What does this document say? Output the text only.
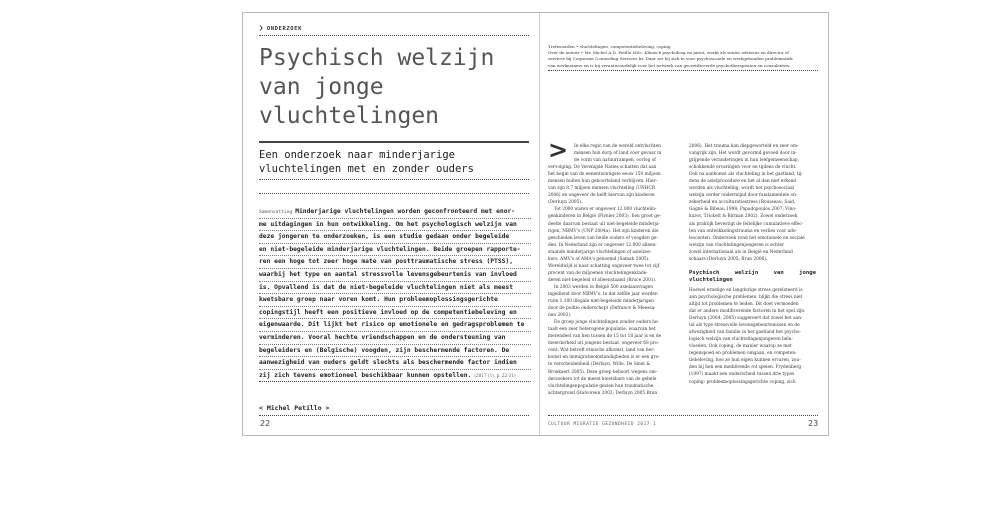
❯ ONDERZOEK
Psychisch welzijn
van jonge
vluchtelingen
Een onderzoek naar minderjarige
vluchtelingen met en zonder ouders
Samenvatting Minderjarige vluchtelingen worden geconfronteerd met enor-
me uitdagingen in hun ontwikkeling. Om het psychologisch welzijn van
deze jongeren te onderzoeken, is een studie gedaan onder begeleide
en niet-begeleide minderjarige vluchtelingen. Beide groepen rapporte-
ren een hoge tot zeer hoge mate van posttraumatische stress (PTSS),
waarbij het type en aantal stressvolle levensgebeurtenis van invloed
is. Opvallend is dat de niet-begeleide vluchtelingen niet als meest
kwetsbare groep naar voren komt. Hun probleemoplossingsgerichte
copingstijl heeft een positieve invloed op de competentiebeleving en
eigenwaarde. Dit lijkt het risico op emotionele en gedragsproblemen te
verminderen. Vooral hechte vriendschappen en de ondersteuning van
begeleiders en (Belgische) voogden, zijn beschermende factoren. De
aanwezigheid van ouders geldt slechts als beschermende factor indien
zij zich tevens emotioneel beschikbaar kunnen opstellen. (2017 (1), p. 22-31)
< Michel Petillo >
22
Trefwoorden • vluchtelingen, competentiebeleving, coping
Over de auteur • Mr. Michel A.D. Petillo MSc. Klinisch psycholoog en jurist, werkt als senior adviseur en director of
services bij Corporate Counseling Services bv. Daar zet hij zich in voor psychosociale en werkgebonden problematiek
van werknemers en is hij verantwoordelijk voor het netwerk van gecertificeerde psychotherapeuten en consulenten.
>	In elke regio van de wereld ontvluchten
mensen hun dorp of land voor gevaar in
de vorm van natuurrampen, oorlog of
vervolging. De Verenigde Naties schatten dat aan
het begin van de eenentwintigste eeuw 150 miljoen
mensen buiten hun geboorteland verblijven. Hier-
van zijn 8,7 miljoen mensen vluchteling (UNHCR
2006) en ongeveer de helft hiervan zijn kinderen
(Derluyn 2005).
Tot 2000 waren er ongeveer 12.000 vluchtelin-
genkinderen in België (Flynier 2003). Een groot ge-
deelte daarvan bestaat uit niet-begeleide minderja-
rigen, NBMV's (UNP 2004a). Het zijn kinderen die
geschieden leven van beide ouders of voogden ge-
den. In Nederland zijn er ongeveer 12.000 alleen-
staande minderjarige vluchtelingen of asielzoe-
kers, AMV's of AMA's genoemd (Samah 2005).
Wereldwijd is naar schatting ongeveer twee tot vijf
procent van de miljoenen vluchtelingenkinde-
deren niet-begeleid of alleenstaand (Bruce 2001).
In 2003 werden in België 500 asielaanvragen
ingediend door NBMV's. In dat zelfde jaar werden
ruim 1.100 illegale niet-begeleide minderjarigen
door de politie onderschept (Defrance & Meessa-
nen 2003).
De groep jonge vluchtelingen zonder ouders be-
taalt een zeer heterogene populatie, waarvan het
merendeel van hen tussen de 15 tot 18 jaar is en de
meerderheid uit jongens bestaat, ongeveer 68 pro-
cent. Wat betreft etnische afkomst, land van her-
komst en immigratieomstandigheden is er een gro-
te verscheidenheid (Derluyn, Wille, De Smet &
Broekaert 2005). Deze groep behoort wegens om-
derzoekers tot de meest kwetsbare van de gehele
vluchtelingenpopulatie gezien hun traumatische
achtergrond (Halvorsen 2002; Derluyn 2005 Brun
2006). Het trauma kan diepgeworteld en zeer om-
vangrijk zijn. Het wordt gevormd gevoed door in-
grijpende veranderingen in hun leefgemeenschap,
schokkende ervaringen voor en tijdens de vlucht.
Ook na aankomst als vluchteling in het gastland, tij-
dens de asielprocedure en het al dan niet erkend
worden als vluchteling, wordt het psychosociaal
welzijn verder ondermijnd door fundamentele on-
zekerheid en acculturatiestress (Rousseau; Said,
Gagné & Bibeau 1998; Papadopoulos 2007; Vino-
kurov, Trickett & Birman 2002). Zowel onderzoek
als praktijk bevestigt de feitelijke cumulatieve effec-
ten van ontwikkelingstrauma en verlies voor ado-
lescenten. Onderzoek rond het emotionele en sociale
welzijn van vluchtelingenjongeren is echter
zowel internationaal als in België en Nederland
schaars (Derluyn 2005; Brun 2006).
Psychisch welzijn van jonge vluchtelingen
Hoewel ernstige en langdurige stress gerelateerd is
aan psychologische problemen, blijkt die stress niet
altijd tot problemen te leiden. Dit doet vermoeden
dat er andere modificerende factoren in het spel zijn.
Derluyn (2004; 2005) suggereert dat zowel het aan-
tal als type stressvolle levensgebeurtenissen en de
afwezigheid van familie in het gastland het psycho-
logisch welzijn van vluchtelingenjongeren beïn-
vloeden. Ook coping, de manier waarop ze met
tegenspoed en problemen omgaan, en competen-
tiebeleving, hoe ze hun eigen kunnen ervaren, zou-
den bij hen een mediërende rol spelen. Frydenberg
(1997) maakt een onderscheid tussen drie types
coping: probleemoplossingsgerichte coping, zich
CULTUUR MIGRATIE GEZONDHEID 2017 1	23
